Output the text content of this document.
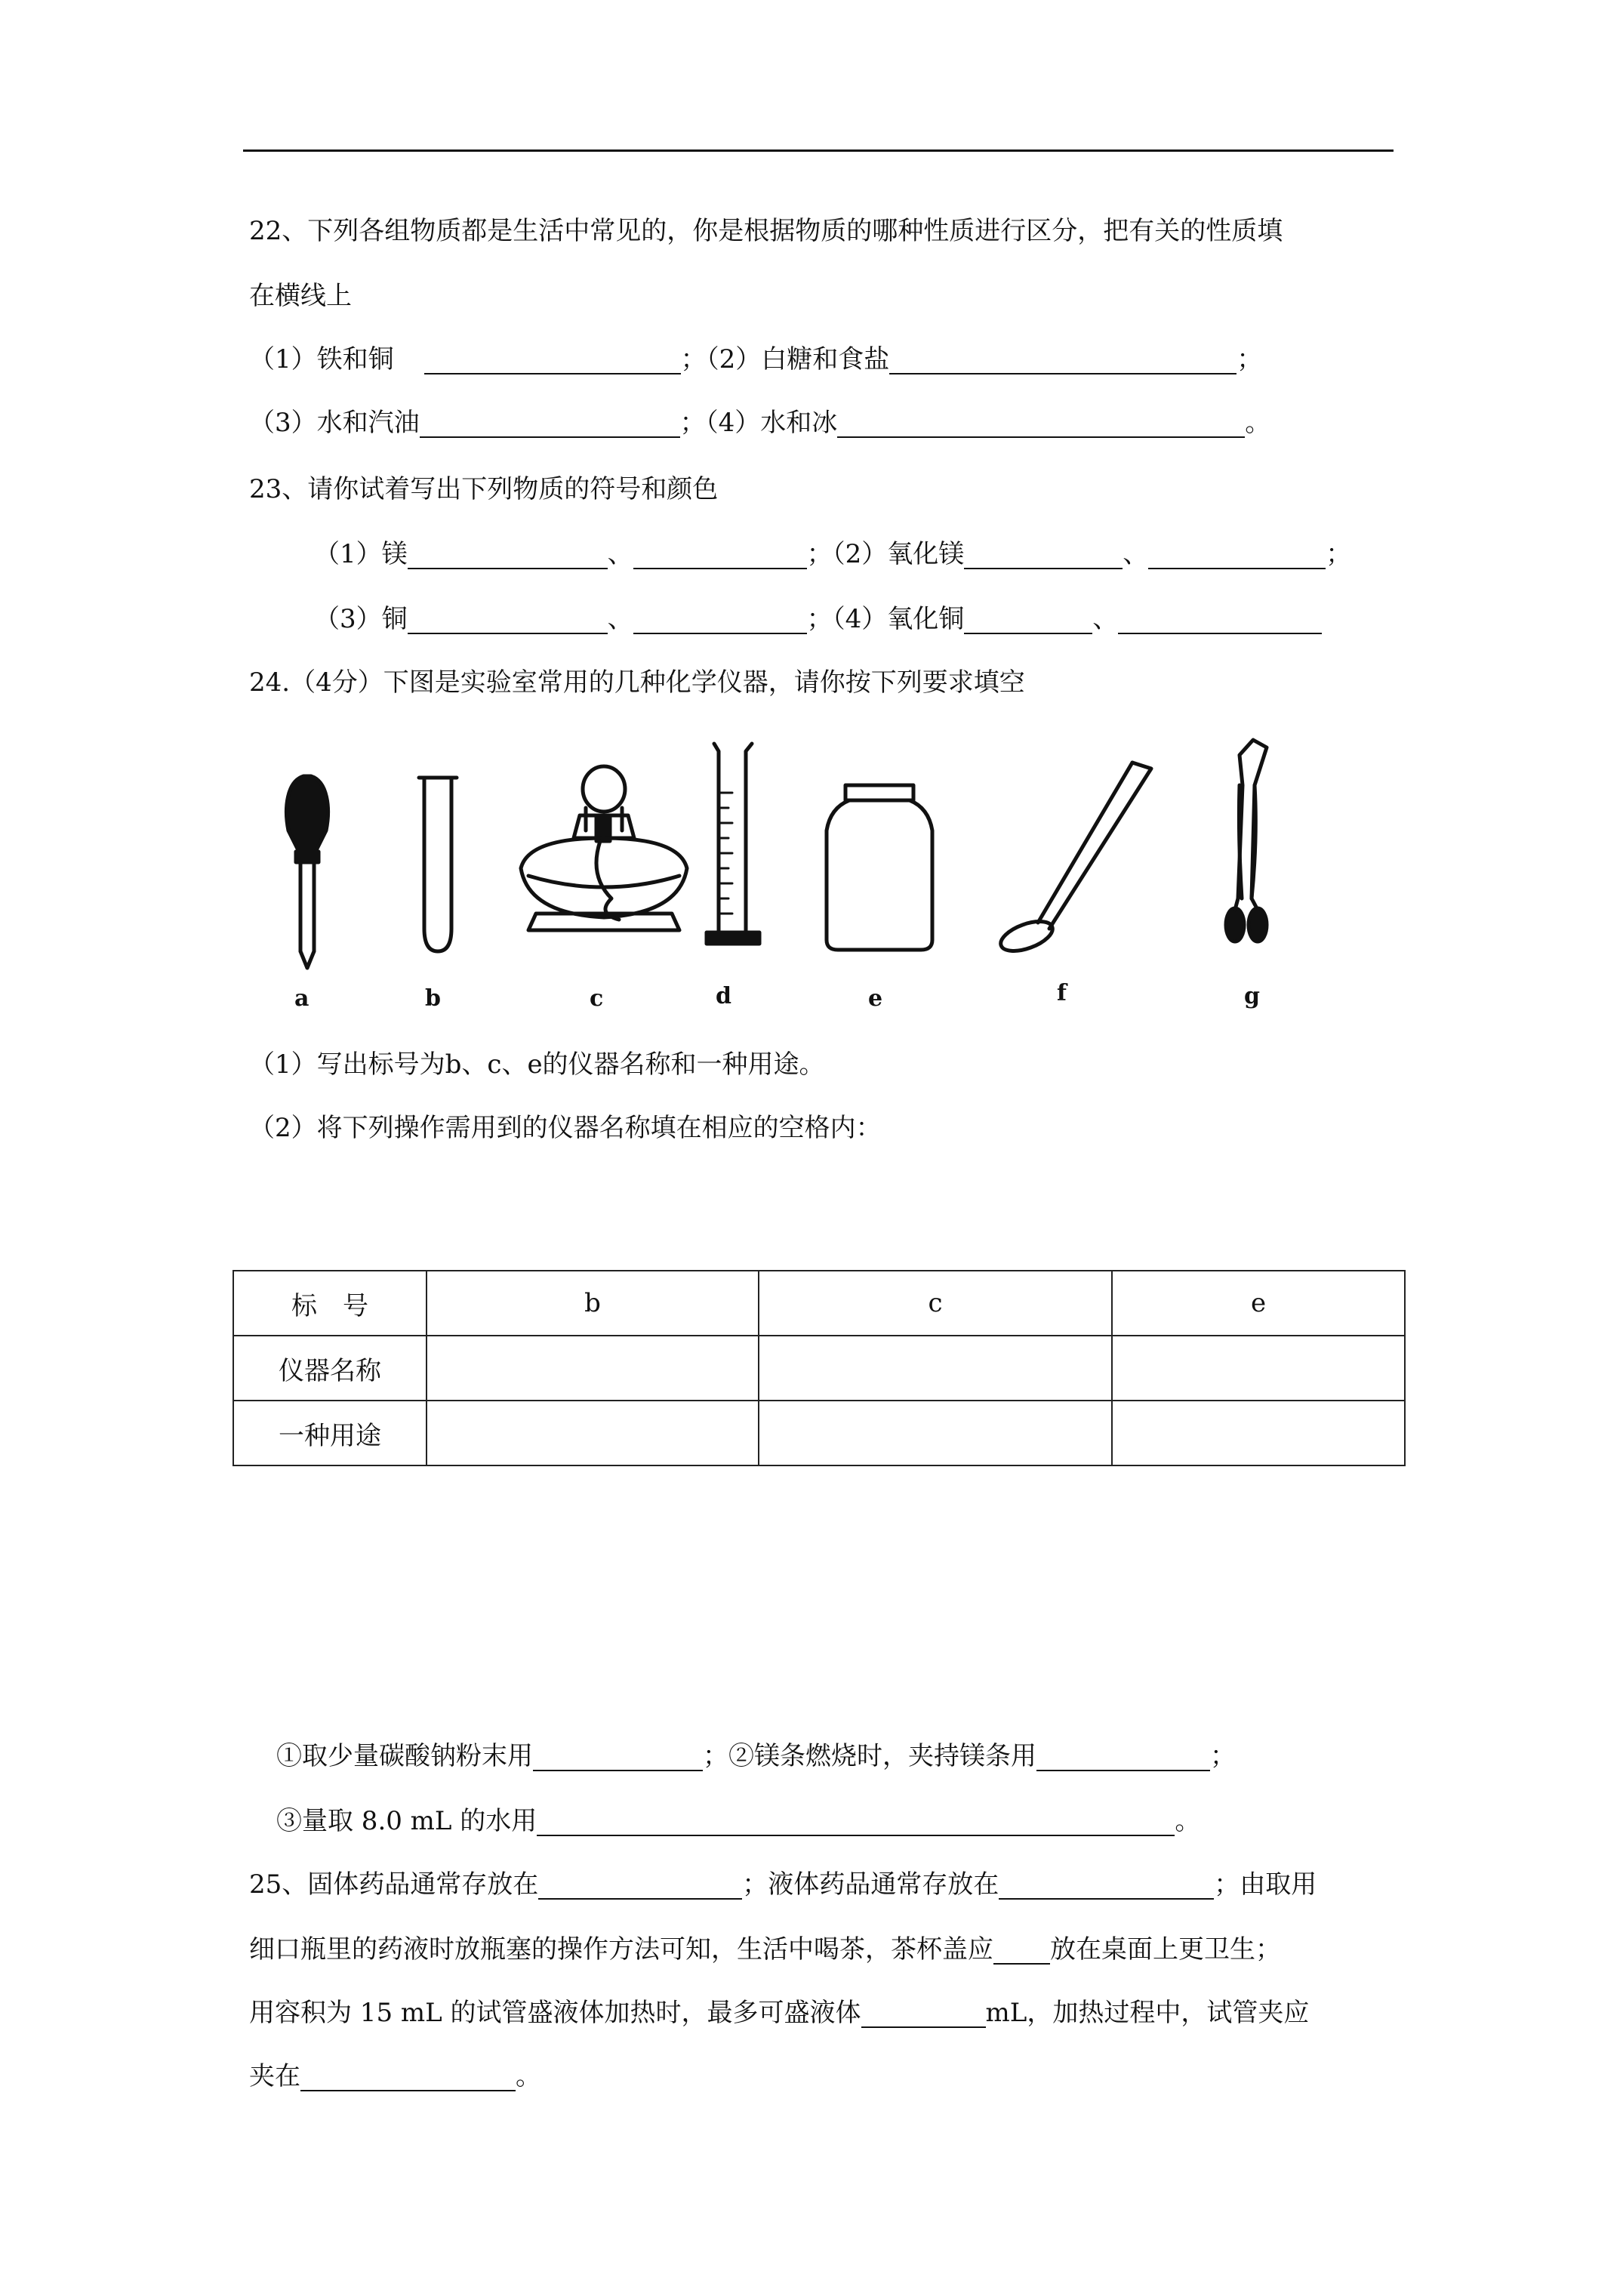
22、下列各组物质都是生活中常见的，你是根据物质的哪种性质进行区分，把有关的性质填
在横线上
（1）铁和铜	；（2）白糖和食盐	；
（3）水和汽油	；（4）水和冰	。
23、请你试着写出下列物质的符号和颜色
（1）镁	、	；（2）氧化镁	、	；
（3）铜	、	；（4）氧化铜	、
24.（4分）下图是实验室常用的几种化学仪器，请你按下列要求填空
a	b	c	d	e	f	g
（1）写出标号为b、c、e的仪器名称和一种用途。
（2）将下列操作需用到的仪器名称填在相应的空格内：
标　号	b	c	e
仪器名称			
一种用途			
①取少量碳酸钠粉末用	；②镁条燃烧时，夹持镁条用	；
③量取 8.0 mL 的水用	。
25、固体药品通常存放在	；液体药品通常存放在	；由取用
细口瓶里的药液时放瓶塞的操作方法可知，生活中喝茶，茶杯盖应 放在桌面上更卫生；
用容积为 15 mL 的试管盛液体加热时，最多可盛液体	mL，加热过程中，试管夹应
夹在	。
